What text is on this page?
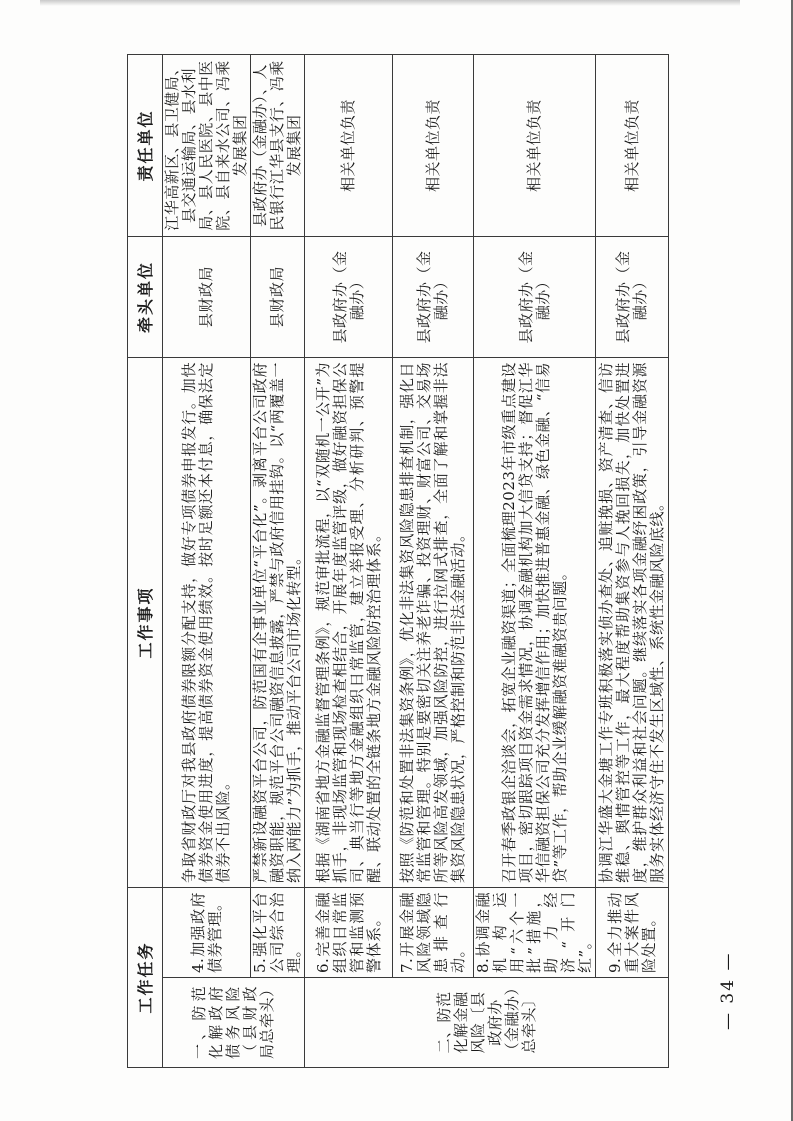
工作任务		工作事项	牵头单位	责任单位
一、防范化解政府债务风险（县财政局总牵头）	4.加强政府债券管理。	争取省财政厅对我县政府债券限额分配支持，做好专项债券申报发行。加快债券资金使用进度，提高债券资金使用绩效。按时足额还本付息，确保法定债券不出风险。	县财政局	江华高新区、县卫健局、县交通运输局、县水利局、县人民医院、县中医院、县自来水公司、冯乘发展集团
	5.强化平台公司综合治理。	严禁新设融资平台公司，防范国有企事业单位“平台化”。剥离平台公司政府融资职能，规范平台公司融资信息披露，严禁与政府信用挂钩。以“两覆盖一纳入两能力”为抓手，推动平台公司市场化转型。	县财政局	县政府办（金融办）、人民银行江华县支行、冯乘发展集团
二、防范化解金融风险〔县政府办（金融办）总牵头〕	6.完善金融组织日常监管和监测预警体系。	根据《湖南省地方金融监督管理条例》，规范审批流程，以“双随机一公开”为抓手，非现场监管和现场检查相结合，开展年度监管评级，做好融资担保公司、典当行等地方金融组织日常监管，建立举报受理、分析研判、预警提醒、联动处置的全链条地方金融风险防控治理体系。	县政府办（金融办）	相关单位负责
	7.开展金融风险领域隐患排查行动。	按照《防范和处置非法集资条例》，优化非法集资风险隐患排查机制，强化日常监管和管理。特别是要密切关注养老诈骗、投资理财、财富公司、交易场所等风险高发领域，加强风险防控，进行拉网式排查，全面了解和掌握非法集资风险隐患状况，严格控制和防范非法金融活动。	县政府办（金融办）	相关单位负责
	8.协调金融机构运用“六个一批”措施，助力经济“开门红”。	召开春季政银企洽谈会，拓宽企业融资渠道；全面梳理2023年市级重点建设项目，密切跟踪项目资金需求情况，协调金融机构加大信贷支持；督促江华华信融资担保公司充分发挥增信作用；加快推进普惠金融、绿色金融、“信易贷”等工作，帮助企业缓解融资难融资贵问题。	县政府办（金融办）	相关单位负责
	9.全力推动重大案件风险处置。	协调江华盛大金塘工作专班积极落实侦办查处、追赃挽损、资产清查、信访维稳、舆情管控等工作，最大程度帮助集资参与人挽回损失，加快处置进度，维护群众利益和社会问题。继续落实各项金融纾困政策，引导金融资源服务实体经济守住不发生区域性、系统性金融风险底线。	县政府办（金融办）	相关单位负责
— 34 —
